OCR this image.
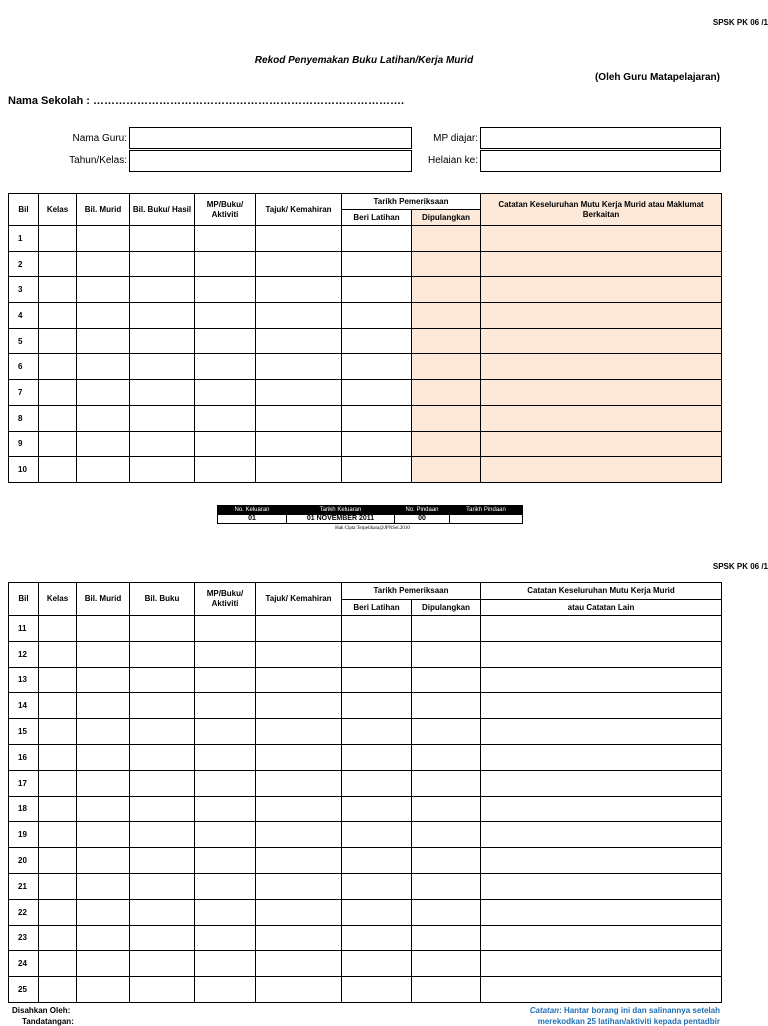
SPSK PK 06 /1
Rekod Penyemakan Buku Latihan/Kerja Murid
(Oleh Guru Matapelajaran)
Nama Sekolah : ………………………………………………………………………….
Nama Guru:
Tahun/Kelas:
MP diajar:
Helaian ke:
Bil	Kelas	Bil. Murid	Bil. Buku/ Hasil	MP/Buku/ Aktiviti	Tajuk/ Kemahiran	Tarikh Pemeriksaan		Catatan Keseluruhan Mutu Kerja Murid atau Maklumat Berkaitan
						Beri Latihan	Dipulangkan	
1								
2								
3								
4								
5								
6								
7								
8								
9								
10								
No. Keluaran	Tarikh Keluaran	No. Pindaan	Tarikh Pindaan
01	01 NOVEMBER 2011	00	
Hak Cipta Terpelihara@JPNSel.2010
SPSK PK 06 /1
Bil	Kelas	Bil. Murid	Bil. Buku	MP/Buku/ Aktiviti	Tajuk/ Kemahiran	Tarikh Pemeriksaan		Catatan Keseluruhan Mutu Kerja Murid
						Beri Latihan	Dipulangkan	atau Catatan Lain
11								
12								
13								
14								
15								
16								
17								
18								
19								
20								
21								
22								
23								
24								
25								
Disahkan Oleh:
Tandatangan:
Catatan: Hantar borang ini dan salinannya setelah
merekodkan 25 latihan/aktiviti kepada pentadbir
